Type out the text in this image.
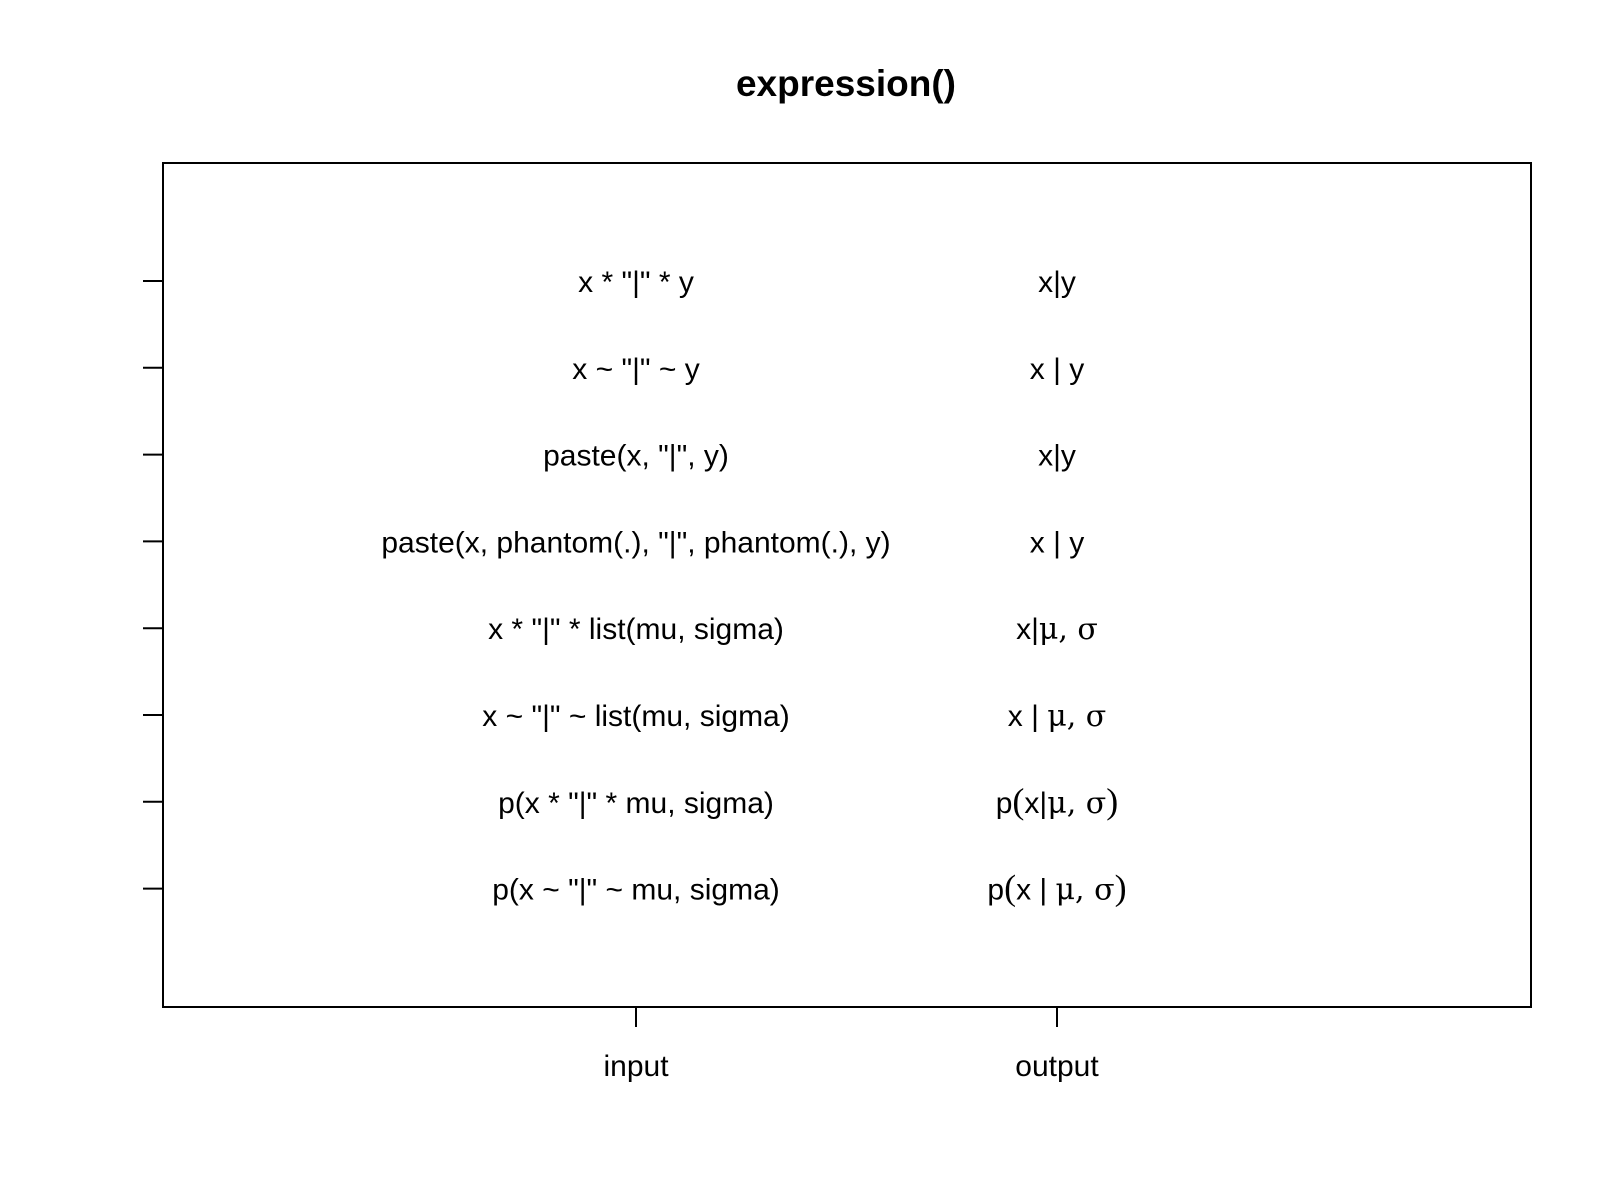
expression()
input	output
x * "|" * y	x|y
x ~ "|" ~ y	x | y
paste(x, "|", y)	x|y
paste(x, phantom(.), "|", phantom(.), y)	x | y
x * "|" * list(mu, sigma)	x|μ, σ
x ~ "|" ~ list(mu, sigma)	x | μ, σ
p(x * "|" * mu, sigma)	p(x|μ, σ)
p(x ~ "|" ~ mu, sigma)	p(x | μ, σ)
